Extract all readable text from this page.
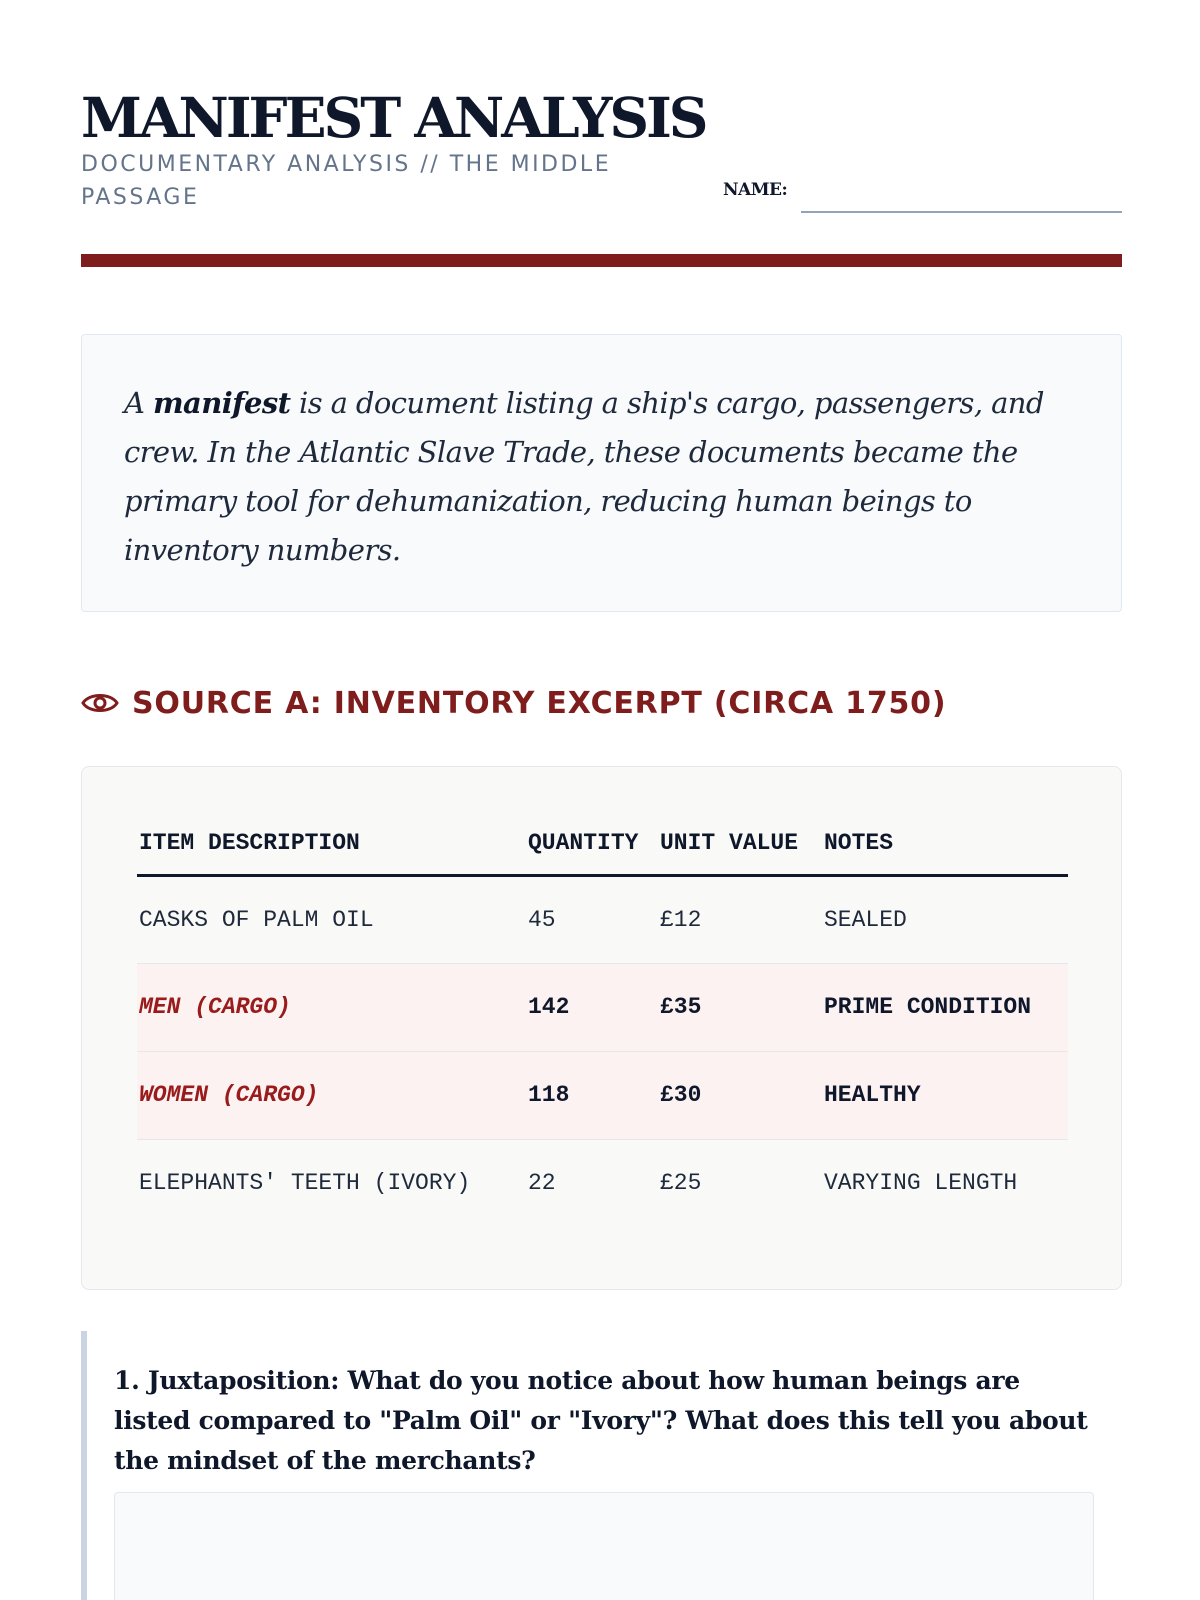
MANIFEST ANALYSIS
DOCUMENTARY ANALYSIS // THE MIDDLE PASSAGE	NAME:
A manifest is a document listing a ship's cargo, passengers, and crew. In the Atlantic Slave Trade, these documents became the primary tool for dehumanization, reducing human beings to inventory numbers.
SOURCE A: INVENTORY EXCERPT (CIRCA 1750)
ITEM DESCRIPTION	QUANTITY	UNIT VALUE	NOTES
CASKS OF PALM OIL	45	£12	SEALED
MEN (CARGO)	142	£35	PRIME CONDITION
WOMEN (CARGO)	118	£30	HEALTHY
ELEPHANTS' TEETH (IVORY)	22	£25	VARYING LENGTH
1. Juxtaposition: What do you notice about how human beings are listed compared to "Palm Oil" or "Ivory"? What does this tell you about the mindset of the merchants?
